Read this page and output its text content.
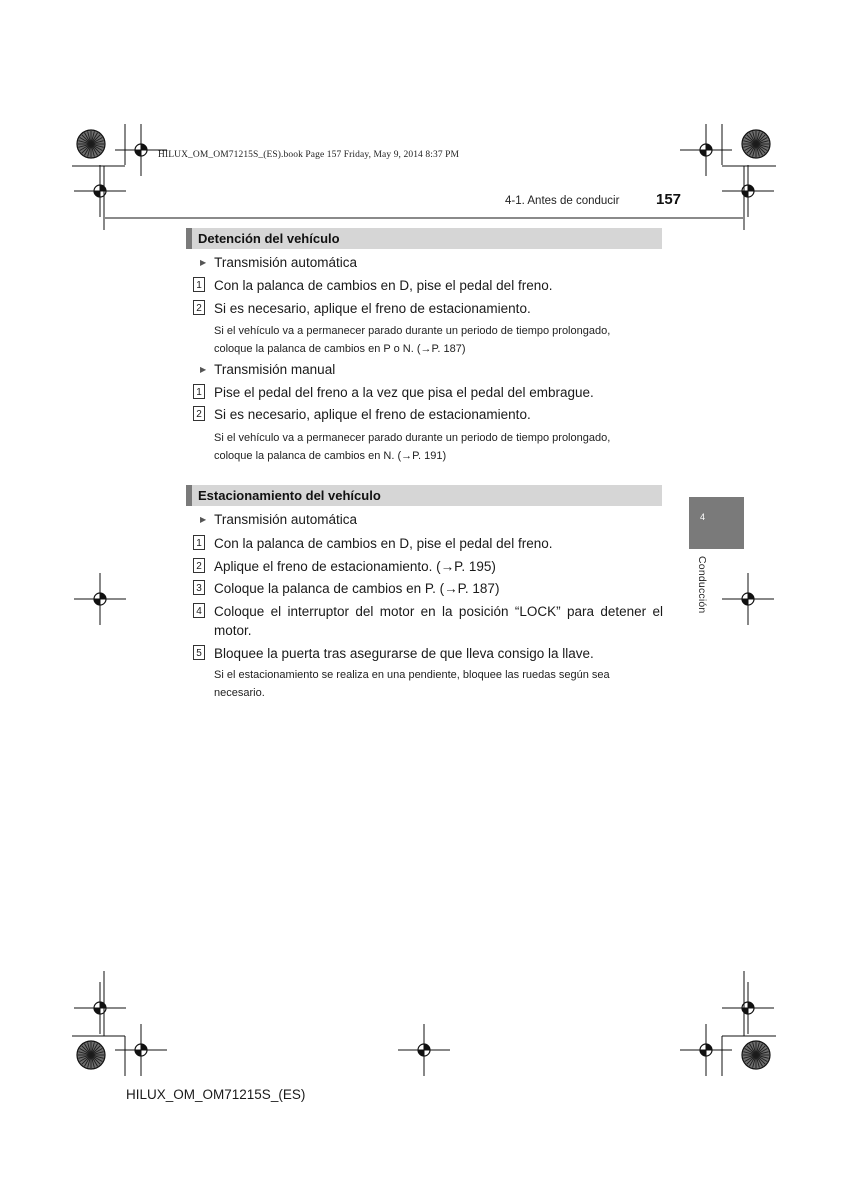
HILUX_OM_OM71215S_(ES).book Page 157 Friday, May 9, 2014 8:37 PM
4-1. Antes de conducir 157
Detención del vehículo
▶ Transmisión automática
1 Con la palanca de cambios en D, pise el pedal del freno.
2 Si es necesario, aplique el freno de estacionamiento.
Si el vehículo va a permanecer parado durante un periodo de tiempo prolongado,
coloque la palanca de cambios en P o N. (→P. 187)
▶ Transmisión manual
1 Pise el pedal del freno a la vez que pisa el pedal del embrague.
2 Si es necesario, aplique el freno de estacionamiento.
Si el vehículo va a permanecer parado durante un periodo de tiempo prolongado,
coloque la palanca de cambios en N. (→P. 191)
Estacionamiento del vehículo
▶ Transmisión automática
1 Con la palanca de cambios en D, pise el pedal del freno.
2 Aplique el freno de estacionamiento. (→P. 195)
3 Coloque la palanca de cambios en P. (→P. 187)
4 Coloque el interruptor del motor en la posición “LOCK” para detener el motor.
5 Bloquee la puerta tras asegurarse de que lleva consigo la llave.
Si el estacionamiento se realiza en una pendiente, bloquee las ruedas según sea
necesario.
4
Conducción
HILUX_OM_OM71215S_(ES)
